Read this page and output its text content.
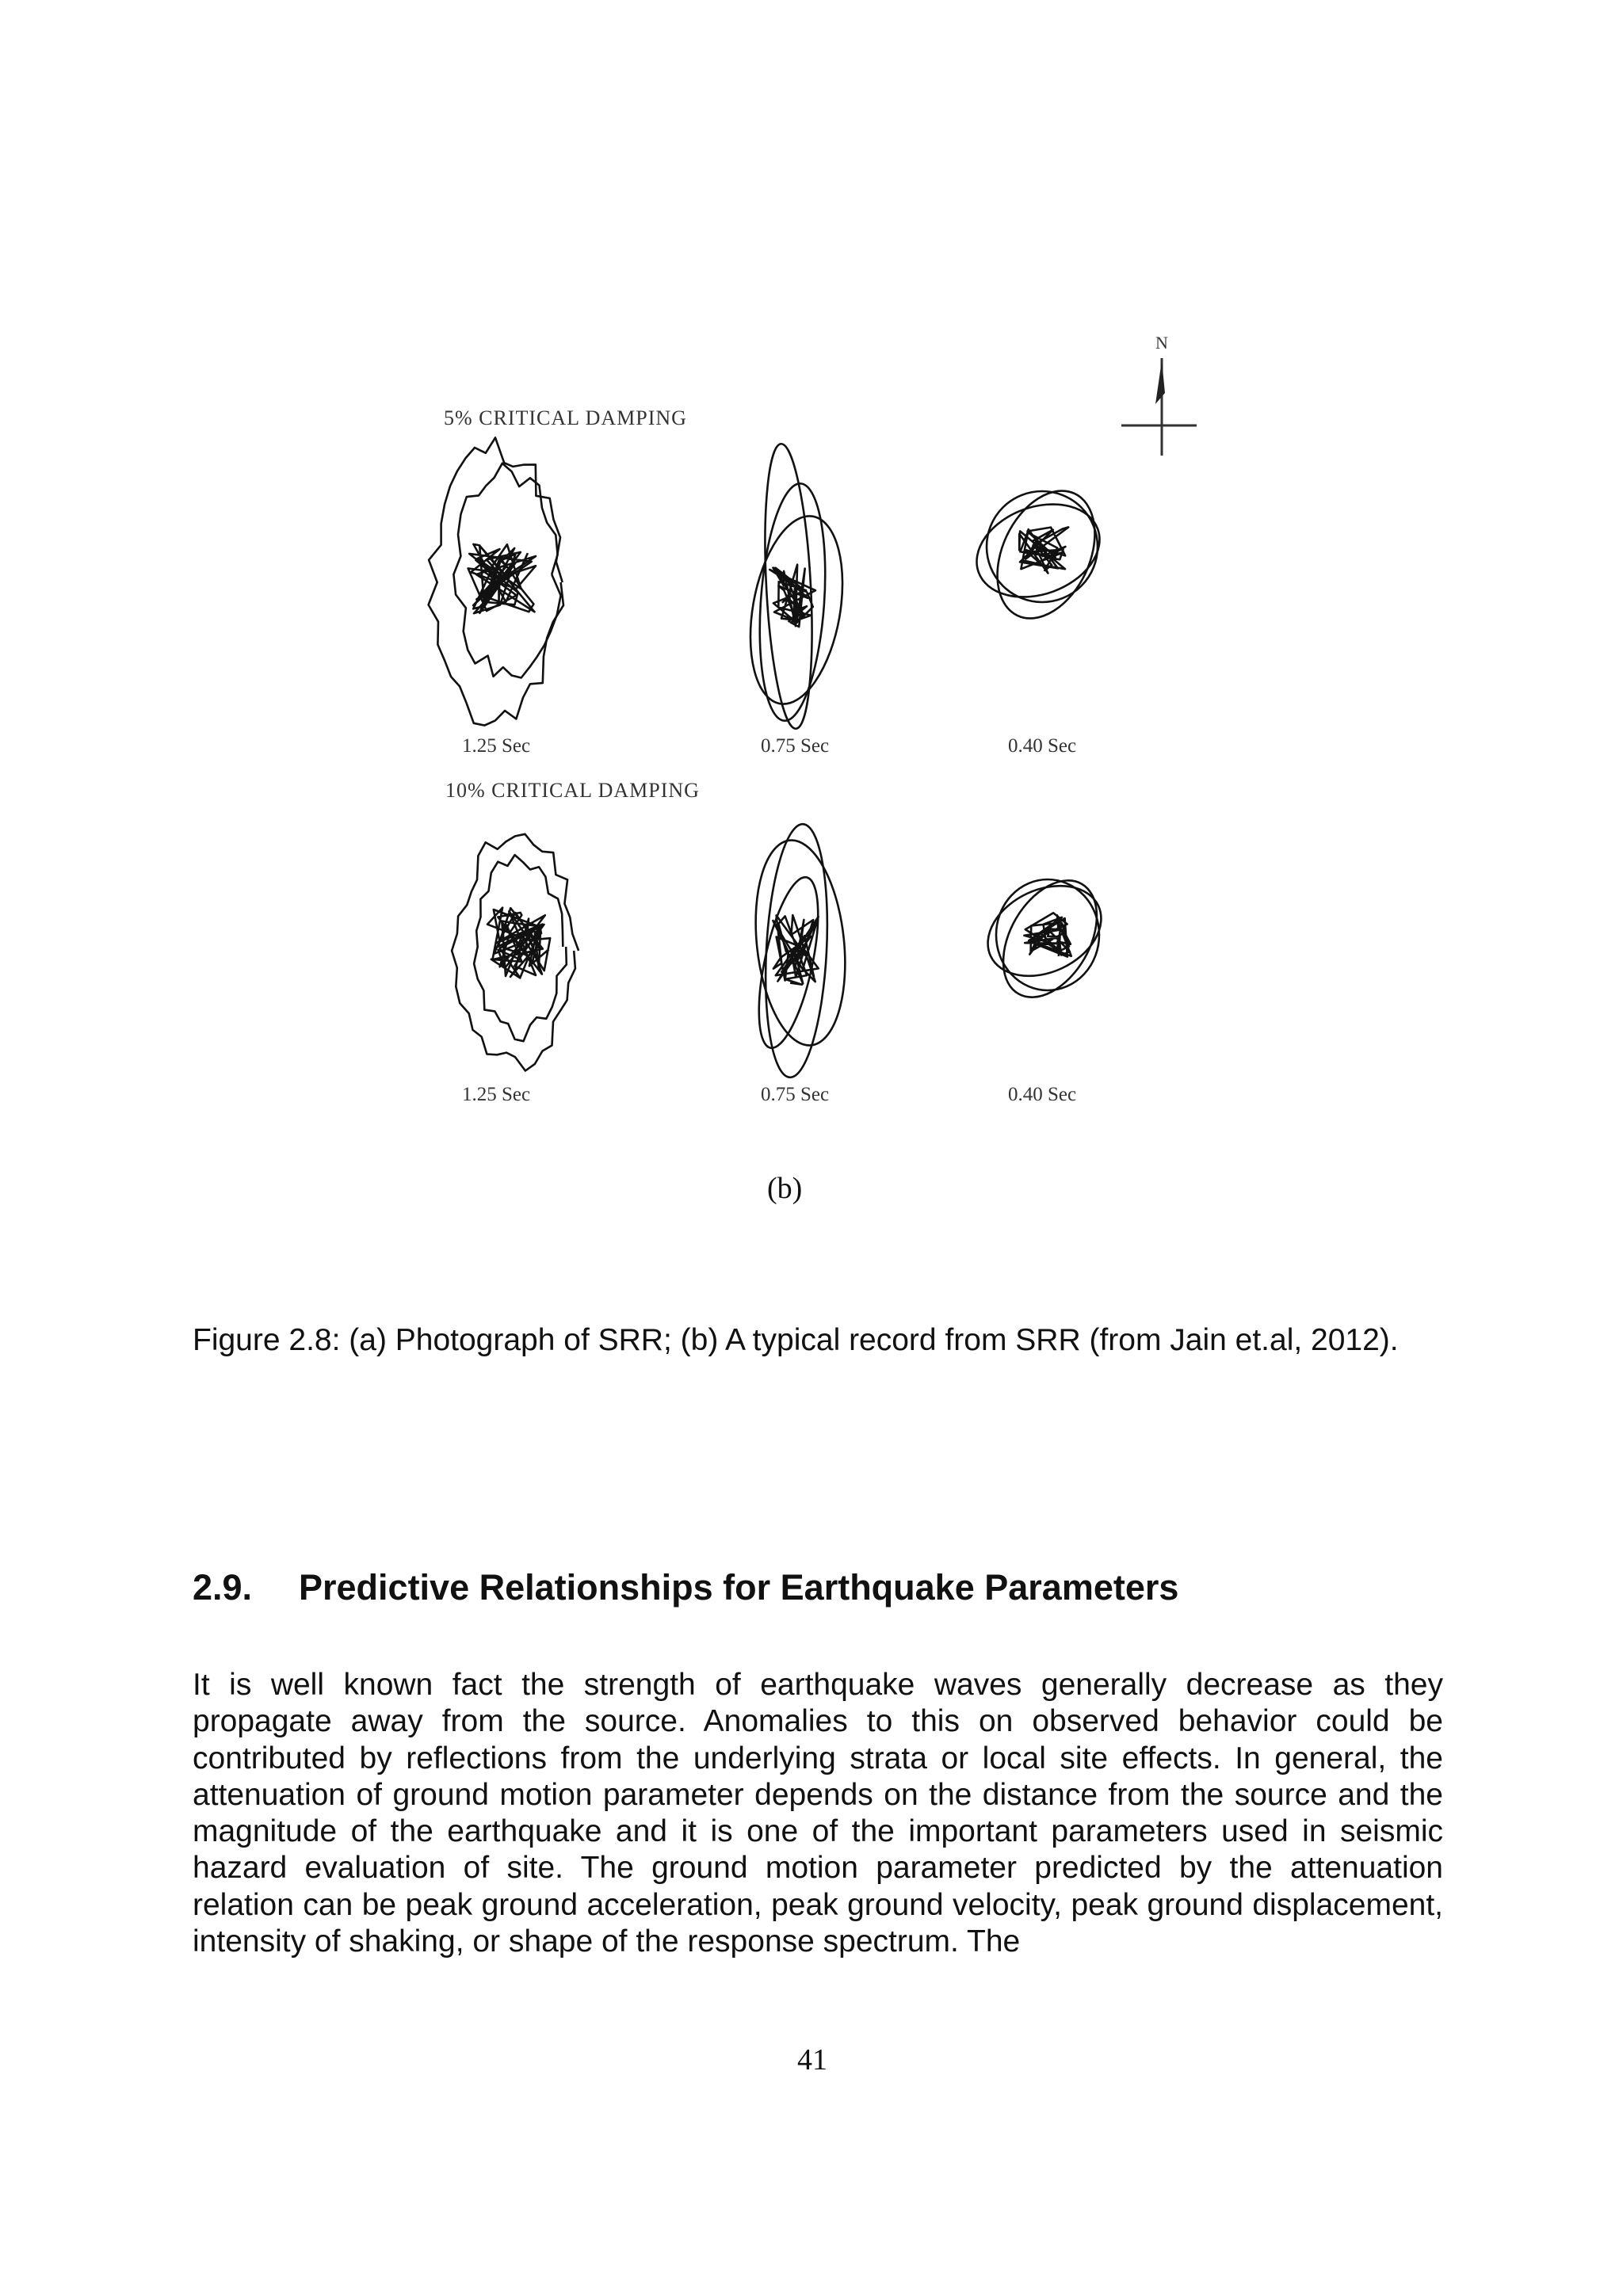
N
5% CRITICAL DAMPING
1.25 Sec	0.75 Sec	0.40 Sec
10% CRITICAL DAMPING
1.25 Sec	0.75 Sec	0.40 Sec
(b)
Figure 2.8: (a) Photograph of SRR; (b) A typical record from SRR (from Jain et.al, 2012).
2.9. Predictive Relationships for Earthquake Parameters
It is well known fact the strength of earthquake waves generally decrease as they propagate away from the source. Anomalies to this on observed behavior could be contributed by reflections from the underlying strata or local site effects. In general, the attenuation of ground motion parameter depends on the distance from the source and the magnitude of the earthquake and it is one of the important parameters used in seismic hazard evaluation of site. The ground motion parameter predicted by the attenuation relation can be peak ground acceleration, peak ground velocity, peak ground displacement, intensity of shaking, or shape of the response spectrum. The
41
